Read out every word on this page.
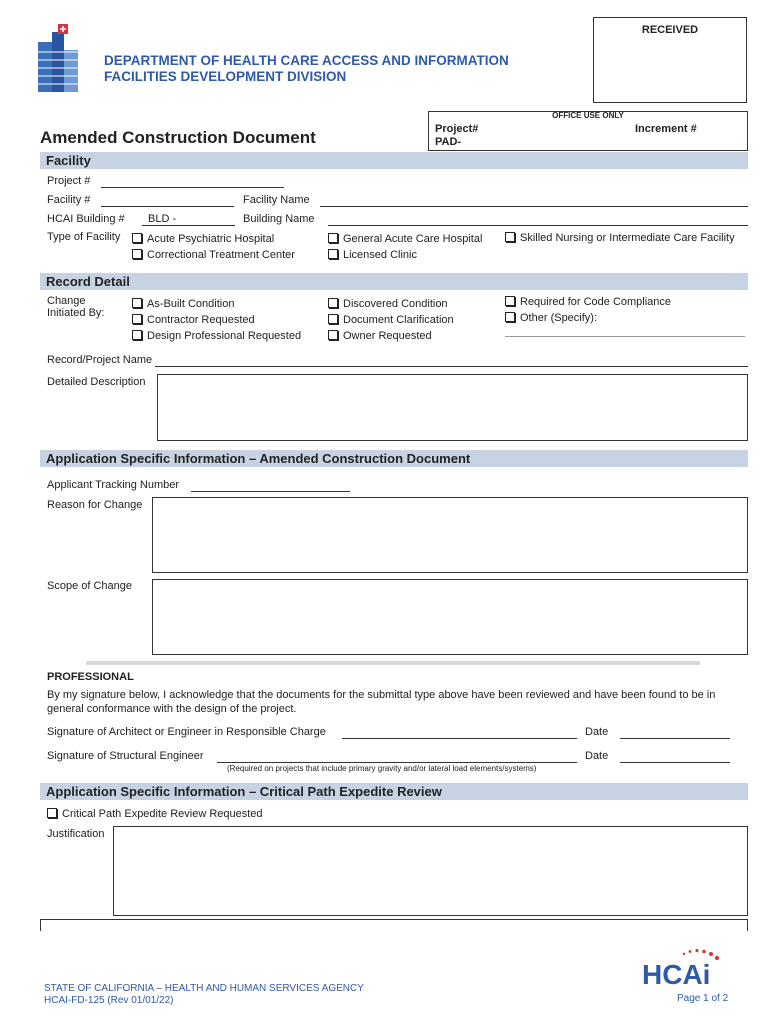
DEPARTMENT OF HEALTH CARE ACCESS AND INFORMATION
FACILITIES DEVELOPMENT DIVISION
RECEIVED
OFFICE USE ONLY
Project#	Increment #
PAD-
Amended Construction Document
Facility
Project #
Facility #	Facility Name
HCAI Building # BLD -	Building Name
Type of Facility	Acute Psychiatric Hospital
Correctional Treatment Center
General Acute Care Hospital
Licensed Clinic
Skilled Nursing or Intermediate Care Facility
Record Detail
Change
Initiated By:
As-Built Condition
Contractor Requested
Design Professional Requested
Discovered Condition
Document Clarification
Owner Requested
Required for Code Compliance
Other (Specify):
Record/Project Name
Detailed Description
Application Specific Information – Amended Construction Document
Applicant Tracking Number
Reason for Change
Scope of Change
PROFESSIONAL
By my signature below, I acknowledge that the documents for the submittal type above have been reviewed and have been found to be in general conformance with the design of the project.
Signature of Architect or Engineer in Responsible Charge	Date
Signature of Structural Engineer	Date
(Required on projects that include primary gravity and/or lateral load elements/systems)
Application Specific Information – Critical Path Expedite Review
Critical Path Expedite Review Requested
Justification
STATE OF CALIFORNIA – HEALTH AND HUMAN SERVICES AGENCY
HCAI-FD-125 (Rev 01/01/22)
HCAi
Page 1 of 2
